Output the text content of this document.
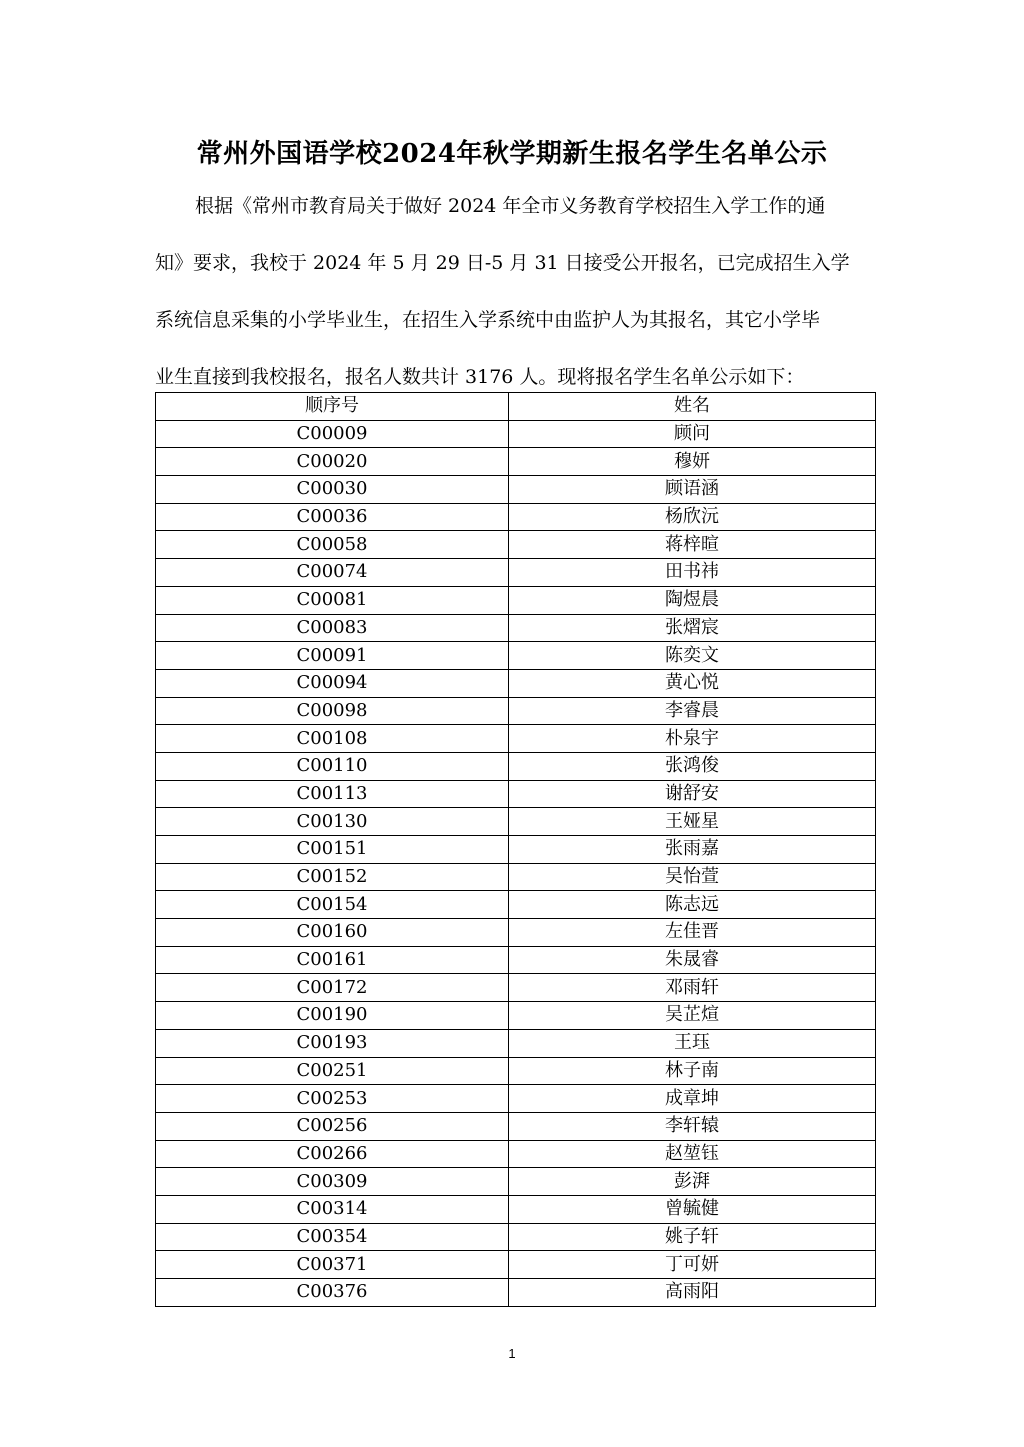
常州外国语学校2024年秋学期新生报名学生名单公示
根据《常州市教育局关于做好 2024 年全市义务教育学校招生入学工作的通
知》要求，我校于 2024 年 5 月 29 日-5 月 31 日接受公开报名，已完成招生入学
系统信息采集的小学毕业生，在招生入学系统中由监护人为其报名，其它小学毕
业生直接到我校报名，报名人数共计 3176 人。现将报名学生名单公示如下：
顺序号	姓名
C00009	顾问
C00020	穆妍
C00030	顾语涵
C00036	杨欣沅
C00058	蒋梓暄
C00074	田书祎
C00081	陶煜晨
C00083	张熠宸
C00091	陈奕文
C00094	黄心悦
C00098	李睿晨
C00108	朴泉宇
C00110	张鸿俊
C00113	谢舒安
C00130	王娅星
C00151	张雨嘉
C00152	吴怡萱
C00154	陈志远
C00160	左佳晋
C00161	朱晟睿
C00172	邓雨轩
C00190	吴芷煊
C00193	王珏
C00251	林子南
C00253	成章坤
C00256	李轩辕
C00266	赵堃钰
C00309	彭湃
C00314	曾毓健
C00354	姚子轩
C00371	丁可妍
C00376	高雨阳
1
